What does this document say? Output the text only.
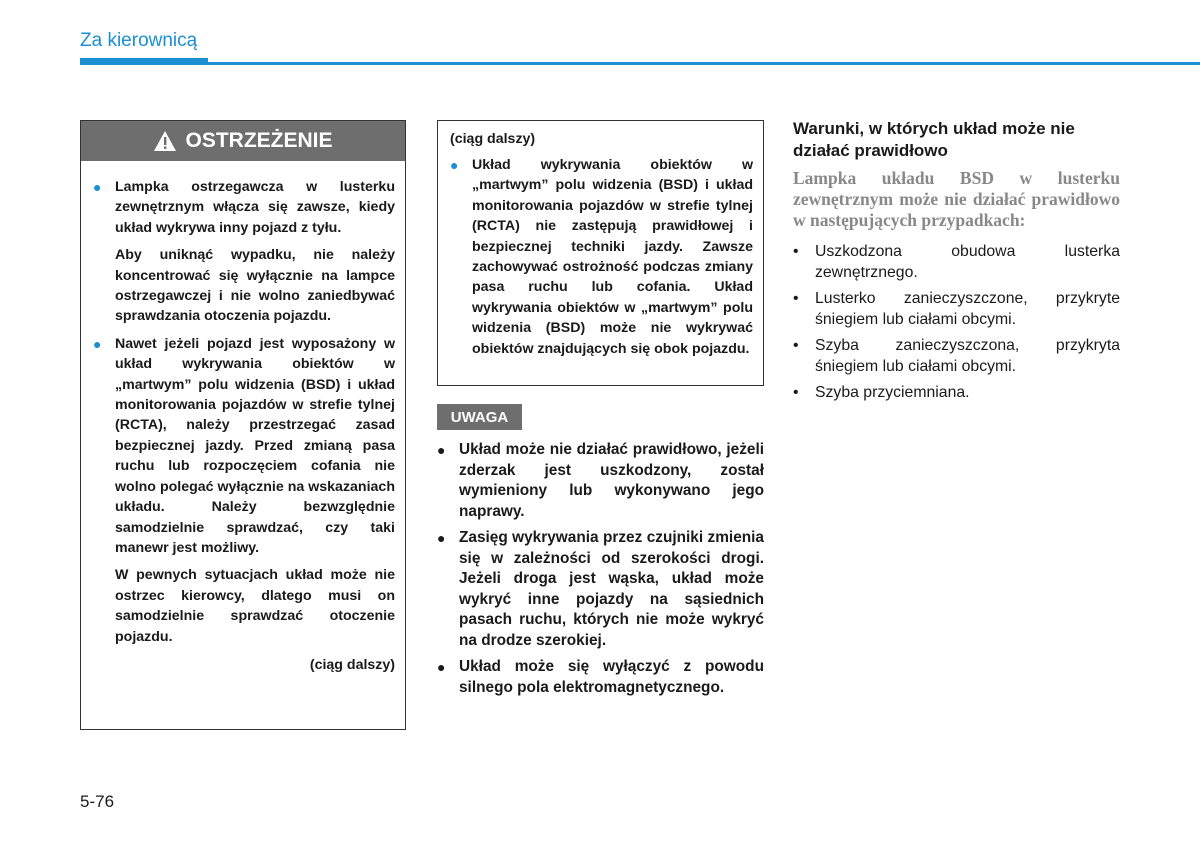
Za kierownicą
OSTRZEŻENIE
● Lampka ostrzegawcza w lusterku zewnętrznym włącza się zawsze, kiedy układ wykrywa inny pojazd z tyłu.
Aby uniknąć wypadku, nie należy koncentrować się wyłącznie na lampce ostrzegawczej i nie wolno zaniedbywać sprawdzania otoczenia pojazdu.
● Nawet jeżeli pojazd jest wyposażony w układ wykrywania obiektów w „martwym” polu widzenia (BSD) i układ monitorowania pojazdów w strefie tylnej (RCTA), należy przestrzegać zasad bezpiecznej jazdy. Przed zmianą pasa ruchu lub rozpoczęciem cofania nie wolno polegać wyłącznie na wskazaniach układu. Należy bezwzględnie samodzielnie sprawdzać, czy taki manewr jest możliwy.
W pewnych sytuacjach układ może nie ostrzec kierowcy, dlatego musi on samodzielnie sprawdzać otoczenie pojazdu.
(ciąg dalszy)
(ciąg dalszy)
● Układ wykrywania obiektów w „martwym” polu widzenia (BSD) i układ monitorowania pojazdów w strefie tylnej (RCTA) nie zastępują prawidłowej i bezpiecznej techniki jazdy. Zawsze zachowywać ostrożność podczas zmiany pasa ruchu lub cofania. Układ wykrywania obiektów w „martwym” polu widzenia (BSD) może nie wykrywać obiektów znajdujących się obok pojazdu.
UWAGA
● Układ może nie działać prawidłowo, jeżeli zderzak jest uszkodzony, został wymieniony lub wykonywano jego naprawy.
● Zasięg wykrywania przez czujniki zmienia się w zależności od szerokości drogi. Jeżeli droga jest wąska, układ może wykryć inne pojazdy na sąsiednich pasach ruchu, których nie może wykryć na drodze szerokiej.
● Układ może się wyłączyć z powodu silnego pola elektromagnetycznego.
Warunki, w których układ może nie działać prawidłowo
Lampka układu BSD w lusterku zewnętrznym może nie działać prawidłowo w następujących przypadkach:
•	Uszkodzona obudowa lusterka zewnętrznego.
•	Lusterko zanieczyszczone, przykryte śniegiem lub ciałami obcymi.
•	Szyba zanieczyszczona, przykryta śniegiem lub ciałami obcymi.
•	Szyba przyciemniana.
5-76
